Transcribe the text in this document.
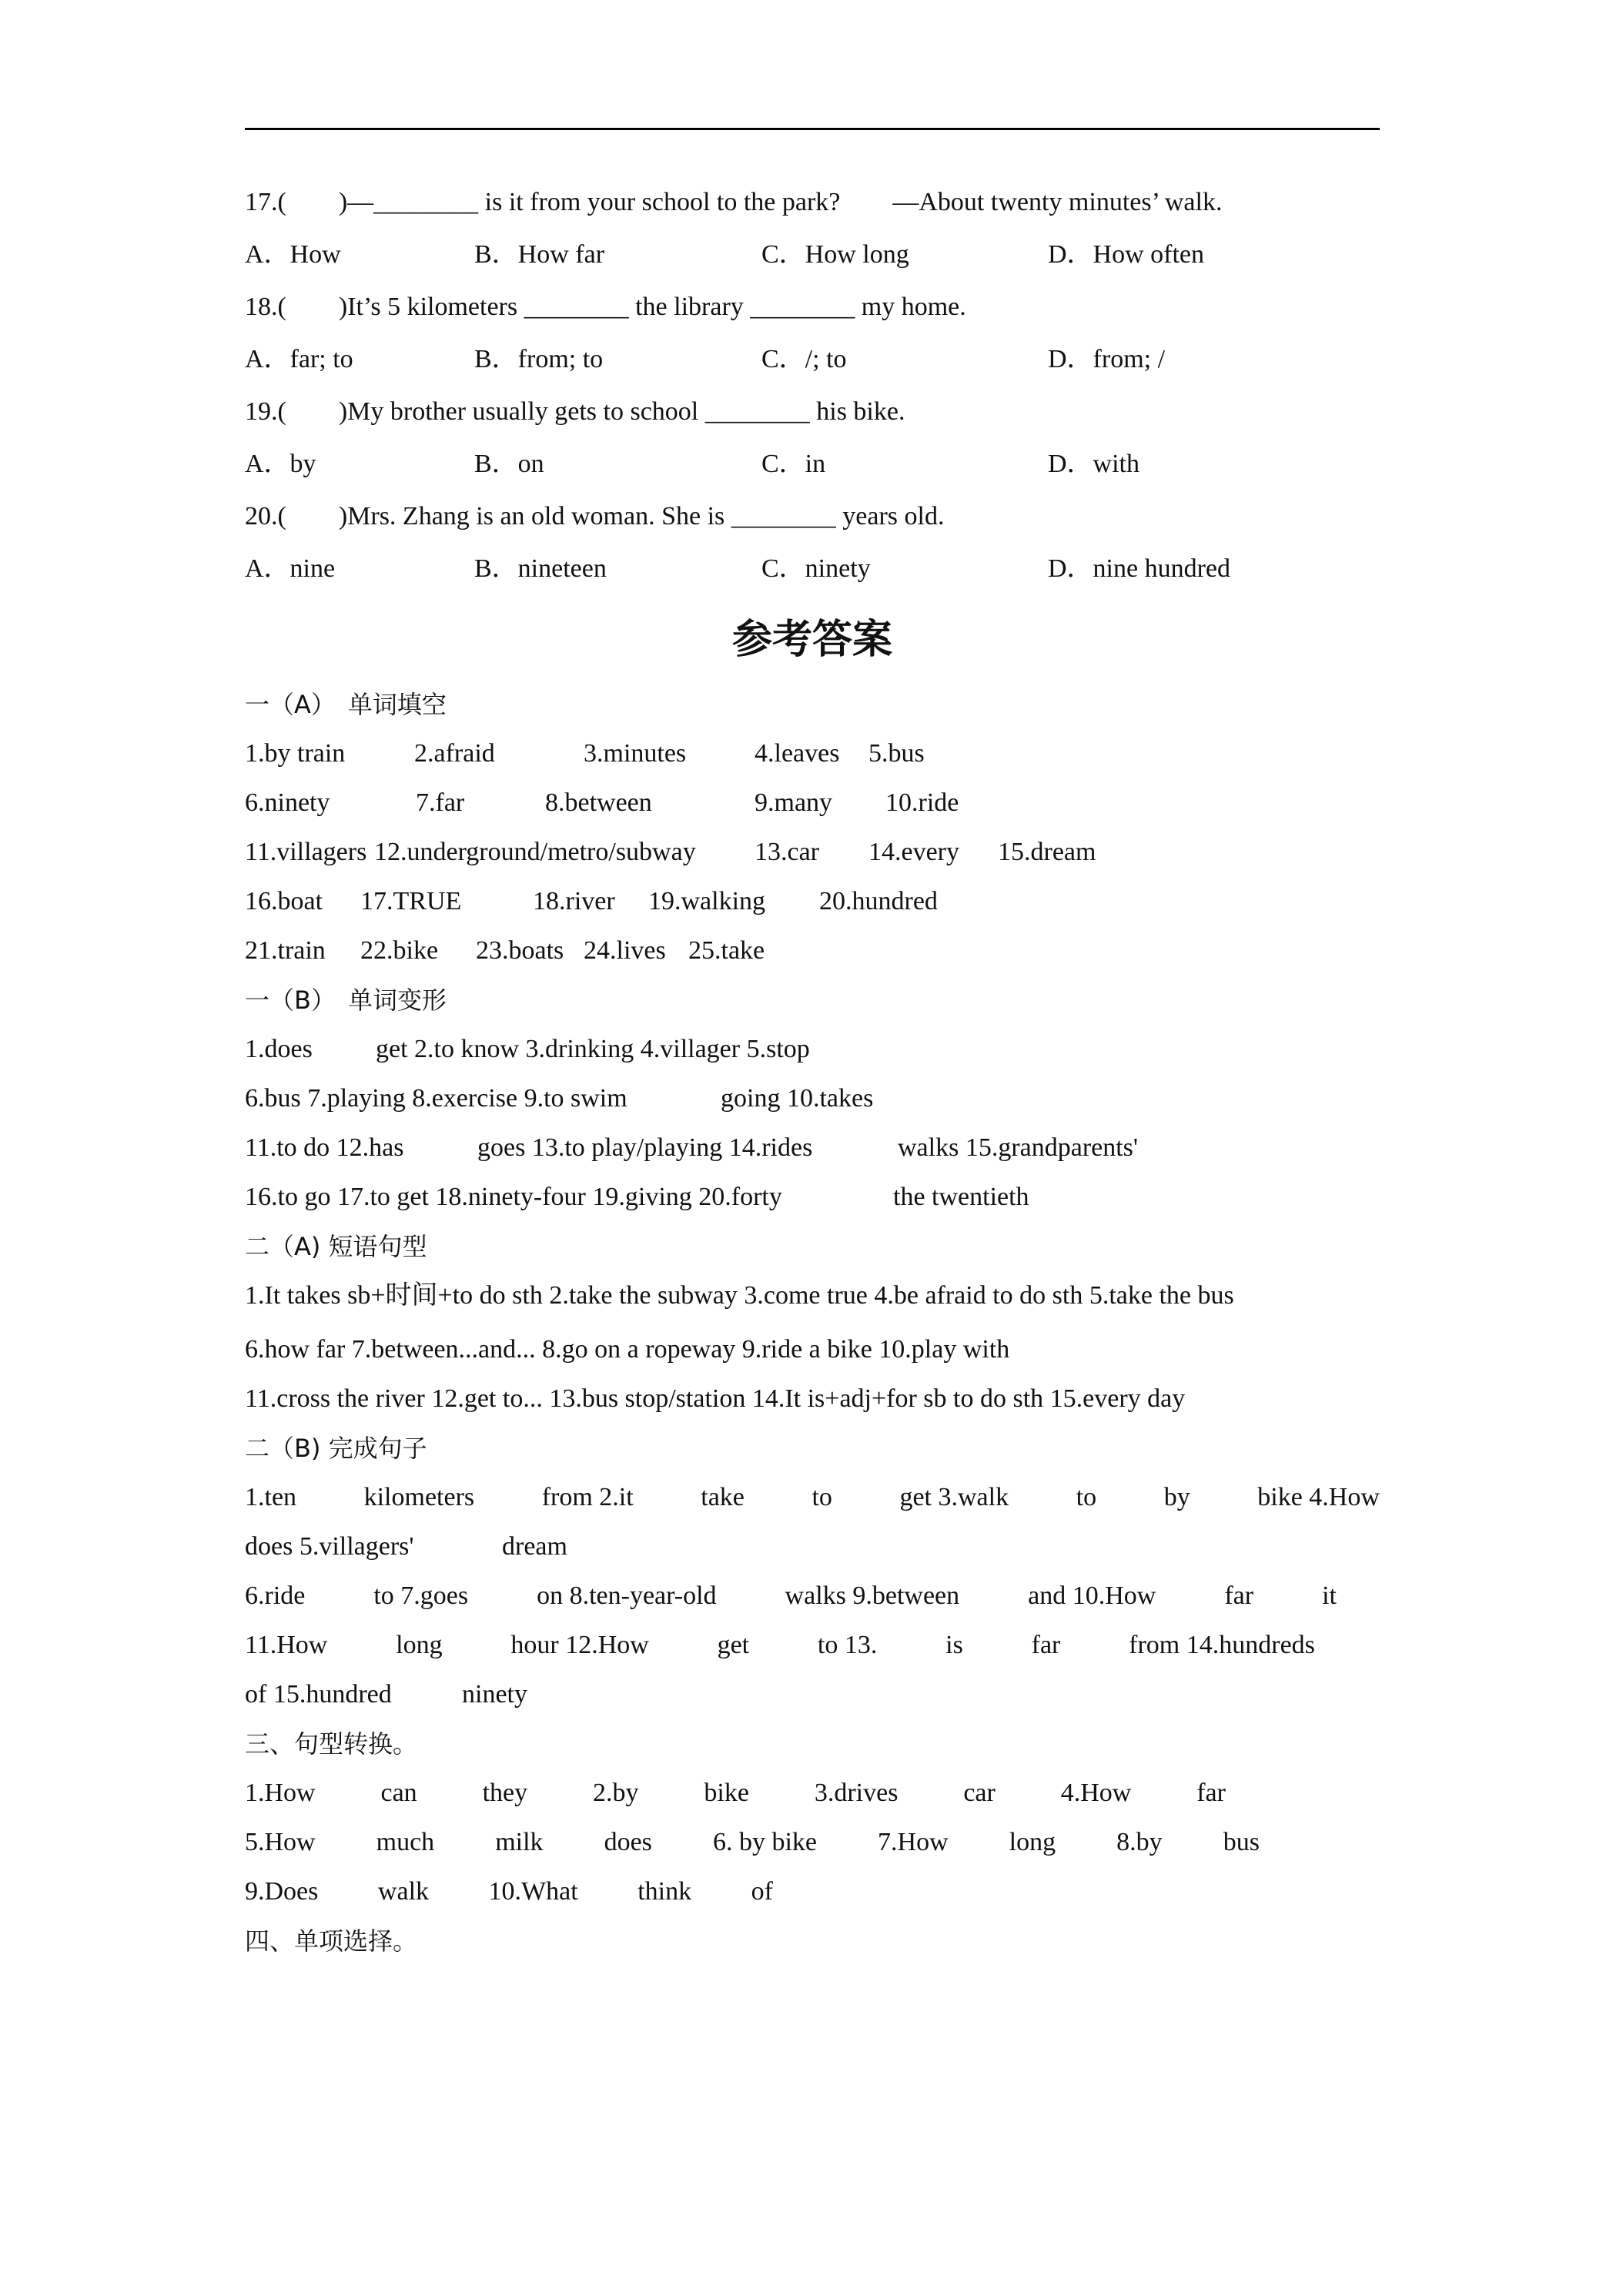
17.(　　)—________ is it from your school to the park?　　—About twenty minutes’ walk.
A．How	B．How far	C．How long	D．How often
18.(　　)It’s 5 kilometers ________ the library ________ my home.
A．far; to	B．from; to	C．/; to	D．from; /
19.(　　)My brother usually gets to school ________ his bike.
A．by	B．on	C．in	D．with
20.(　　)Mrs. Zhang is an old woman. She is ________ years old.
A．nine	B．nineteen	C．ninety	D．nine hundred
参考答案
一（A）　单词填空
1.by train	2.afraid	3.minutes	4.leaves 5.bus
6.ninety	7.far	8.between	9.many 10.ride
11.villagers 12.underground/metro/subway 13.car 14.every 15.dream
16.boat 17.TRUE	18.river 19.walking 20.hundred
21.train 22.bike 23.boats 24.lives 25.take
一（B）　单词变形
1.does get 2.to know 3.drinking 4.villager 5.stop
6.bus 7.playing 8.exercise 9.to swim	going 10.takes
11.to do 12.has	goes 13.to play/playing 14.rides	walks 15.grandparents'
16.to go 17.to get 18.ninety-four 19.giving 20.forty	the twentieth
二（A) 短语句型
1.It takes sb+时间+to do sth 2.take the subway 3.come true 4.be afraid to do sth 5.take the bus
6.how far 7.between...and... 8.go on a ropeway 9.ride a bike 10.play with
11.cross the river 12.get to... 13.bus stop/station 14.It is+adj+for sb to do sth 15.every day
二（B) 完成句子
1.ten	kilometers	from 2.it	take	to	get 3.walk	to	by	bike 4.How
does 5.villagers'	dream
6.ride	to 7.goes	on 8.ten-year-old	walks 9.between	and 10.How	far	it
11.How	long	hour 12.How	get	to 13.	is	far	from 14.hundreds
of 15.hundred	ninety
三、句型转换。
1.How can they 2.by bike 3.drives car 4.How far
5.How much milk does 6. by bike 7.How long 8.by bus
9.Does walk 10.What think of
四、单项选择。
